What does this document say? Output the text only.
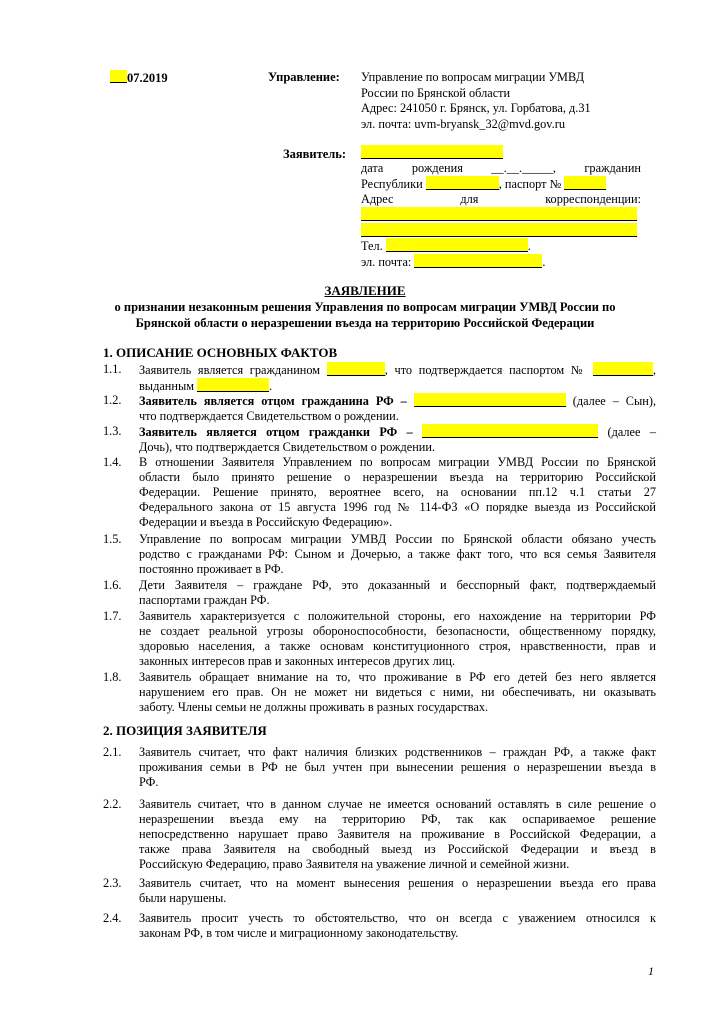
07.2019	Управление: Управление по вопросам миграции УМВД
России по Брянской области
Адрес: 241050 г. Брянск, ул. Горбатова, д.31
эл. почта: uvm-bryansk_32@mvd.gov.ru
Заявитель:
дата рождения __.__._____, гражданин
Республики	, паспорт №
Адрес	для	корреспонденции:
Тел.	.
эл. почта:	.
ЗАЯВЛЕНИЕ
о признании незаконным решения Управления по вопросам миграции УМВД России по
Брянской области о неразрешении въезда на территорию Российской Федерации
1. ОПИСАНИЕ ОСНОВНЫХ ФАКТОВ
1.1.	Заявитель является гражданином	, что подтверждается паспортом №	,
выданным	.
1.2.	Заявитель является отцом гражданина РФ –	(далее – Сын),
что подтверждается Свидетельством о рождении.
1.3.	Заявитель является отцом гражданки РФ –	(далее –
Дочь), что подтверждается Свидетельством о рождении.
1.4.	В отношении Заявителя Управлением по вопросам миграции УМВД России по Брянской
области было принято решение о неразрешении въезда на территорию Российской
Федерации. Решение принято, вероятнее всего, на основании пп.12 ч.1 статьи 27
Федерального закона от 15 августа 1996 год № 114-ФЗ «О порядке выезда из Российской
Федерации и въезда в Российскую Федерацию».
1.5.	Управление по вопросам миграции УМВД России по Брянской области обязано учесть
родство с гражданами РФ: Сыном и Дочерью, а также факт того, что вся семья Заявителя
постоянно проживает в РФ.
1.6.	Дети Заявителя – граждане РФ, это доказанный и бесспорный факт, подтверждаемый
паспортами граждан РФ.
1.7.	Заявитель характеризуется с положительной стороны, его нахождение на территории РФ
не создает реальной угрозы обороноспособности, безопасности, общественному порядку,
здоровью населения, а также основам конституционного строя, нравственности, прав и
законных интересов прав и законных интересов других лиц.
1.8.	Заявитель обращает внимание на то, что проживание в РФ его детей без него является
нарушением его прав. Он не может ни видеться с ними, ни обеспечивать, ни оказывать
заботу. Члены семьи не должны проживать в разных государствах.
2. ПОЗИЦИЯ ЗАЯВИТЕЛЯ
2.1.	Заявитель считает, что факт наличия близких родственников – граждан РФ, а также факт
проживания семьи в РФ не был учтен при вынесении решения о неразрешении въезда в
РФ.
2.2.	Заявитель считает, что в данном случае не имеется оснований оставлять в силе решение о
неразрешении въезда ему на территорию РФ, так как оспариваемое решение
непосредственно нарушает право Заявителя на проживание в Российской Федерации, а
также права Заявителя на свободный выезд из Российской Федерации и въезд в
Российскую Федерацию, право Заявителя на уважение личной и семейной жизни.
2.3.	Заявитель считает, что на момент вынесения решения о неразрешении въезда его права
были нарушены.
2.4.	Заявитель просит учесть то обстоятельство, что он всегда с уважением относился к
законам РФ, в том числе и миграционному законодательству.
1
